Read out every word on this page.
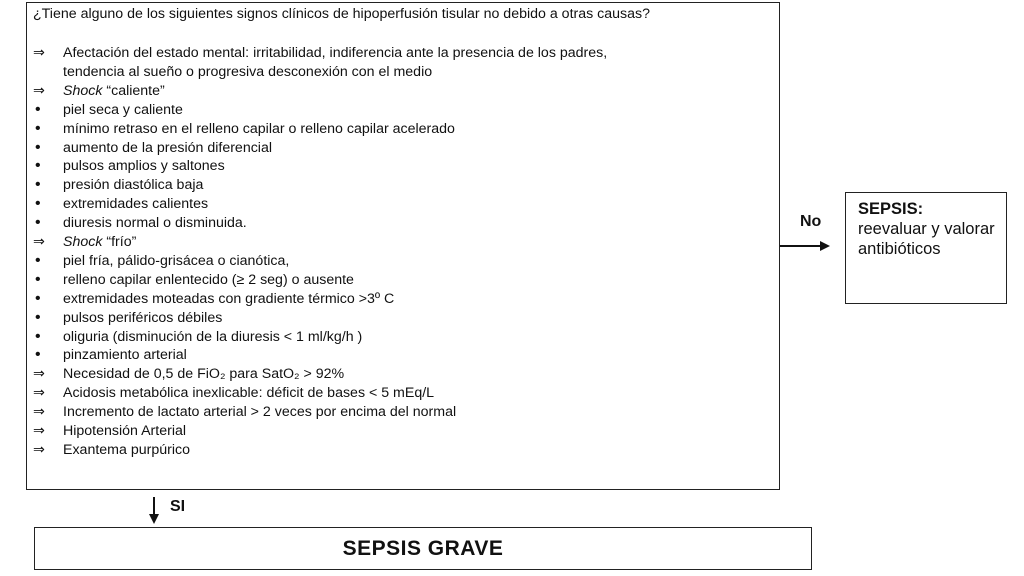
¿Tiene alguno de los siguientes signos clínicos de hipoperfusión tisular no debido a otras causas?
⇒	Afectación del estado mental: irritabilidad, indiferencia ante la presencia de los padres,
tendencia al sueño o progresiva desconexión con el medio
⇒	Shock “caliente”
•	piel seca y caliente
•	mínimo retraso en el relleno capilar o relleno capilar acelerado
•	aumento de la presión diferencial
•	pulsos amplios y saltones
•	presión diastólica baja
•	extremidades calientes
•	diuresis normal o disminuida.
⇒	Shock “frío”
•	piel fría, pálido-grisácea o cianótica,
•	relleno capilar enlentecido (≥ 2 seg) o ausente
•	extremidades moteadas con gradiente térmico >3º C
•	pulsos periféricos débiles
•	oliguria (disminución de la diuresis < 1 ml/kg/h )
•	pinzamiento arterial
⇒	Necesidad de 0,5 de FiO₂ para SatO₂ > 92%
⇒	Acidosis metabólica inexlicable: déficit de bases < 5 mEq/L
⇒	Incremento de lactato arterial > 2 veces por encima del normal
⇒	Hipotensión Arterial
⇒	Exantema purpúrico
No
SI
SEPSIS:
reevaluar y valorar antibióticos
SEPSIS GRAVE
